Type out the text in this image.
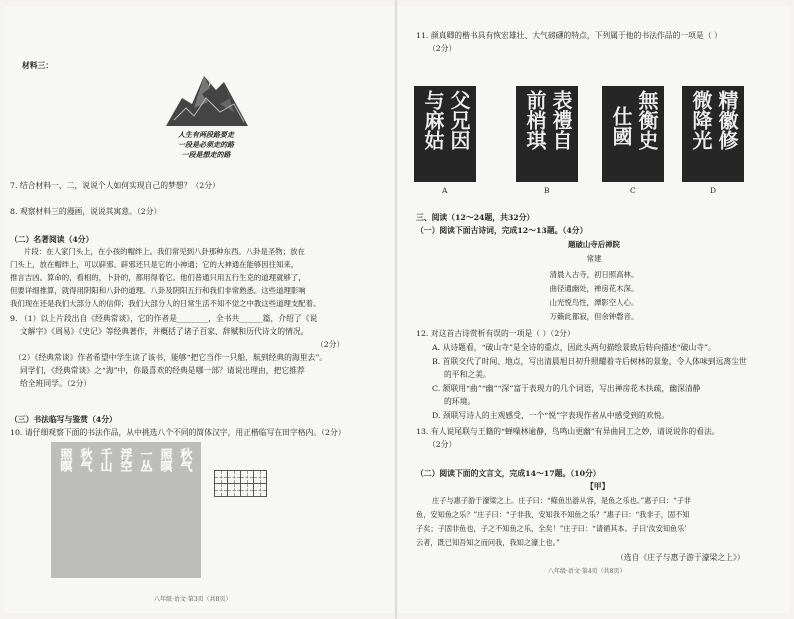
材料三：
人生有两段路要走
一段是必须走的路
一段是想走的路
7. 结合材料一、二，说说个人如何实现自己的梦想？（2分）
8. 观察材料三的漫画，说说其寓意。（2分）
（二）名著阅读（4分）
片段：在人家门头上，在小孩的帽绊上。我们常见到八卦那种东西。八卦是圣物；放在
门头上，放在帽绊上，可以辟邪。辟邪还只是它的小神通；它的大神通在能够因往知来，
推言吉凶。算命的，看相的，卜卦的，都用得着它。他们普通只用五行生克的道理就够了，
但要详细推算，就得用阴阳和八卦的道理。八卦及阴阳五行和我们非常熟悉。这些道理影响
我们现在还是我们大部分人的信仰；我们大部分人的日常生活不知不觉之中教这些道理支配着。
9. （1）以上片段出自《经典常谈》，它的作者是________，全书共______篇，介绍了《说
文解字》《周易》《史记》等经典著作，并概括了诸子百家、辞赋和历代诗文的情况。
（2分）
（2）《经典常谈》作者希望中学生读了该书，能够“把它当作一只船，航到经典的海里去”。
同学们，《经典常谈》之“海”中，你最喜欢的经典是哪一部？请说出理由，把它推荐
给全班同学。（2分）
（三）书法临写与鉴赏（4分）
10. 请仔细观察下面的书法作品，从中挑选八个不同的简体汉字，用正楷临写在田字格内。（2分）
秋气
照暝
一丛
浮空
千山
秋气
照暝
八年级·语文·第3页（共8页）
11. 颜真卿的楷书具有恢宏雄壮、大气磅礴的特点，下列属于他的书法作品的一项是（ ）
（2分）
父兄因
与麻姑
A
表禮自
前梢琪
B
無衡史
仕國
C
精徽修
微降光
D
三、阅读（12～24题，共32分）
（一）阅读下面古诗词，完成12～13题。（4分）
题破山寺后禅院
常建
清晨入古寺，初日照高林。
曲径通幽处，禅房花木深。
山光悦鸟性，潭影空人心。
万籁此都寂，但余钟磬音。
12. 对这首古诗赏析有误的一项是（ ）（2分）
A. 从诗题看，“破山寺”是全诗的重点，因此头两句描绘景致后转向描述“破山寺”。
B. 首联交代了时间、地点，写出清晨旭日初升照耀着寺后树林的景象，令人体味到远离尘世
的平和之美。
C. 颔联用“曲”“幽”“深”富于表现力的几个词语，写出禅房花木扶疏，幽深清静
的环境。
D. 颈联写诗人的主观感受，一个“悦”字表现作者从中感受到的欢悦。
13. 有人说尾联与王籍的“蝉噪林逾静，鸟鸣山更幽”有异曲同工之妙，请说说你的看法。
（2分）
（二）阅读下面的文言文，完成14～17题。（10分）
【甲】
庄子与惠子游于濠梁之上。庄子曰：“鲦鱼出游从容，是鱼之乐也。”惠子曰：“子非
鱼，安知鱼之乐？”庄子曰：“子非我，安知我不知鱼之乐？”惠子曰：“我非子，固不知
子矣；子固非鱼也，子之不知鱼之乐，全矣！”庄子曰：“请循其本。子曰‘汝安知鱼乐’
云者，既已知吾知之而问我，我知之濠上也。”
（选自《庄子与惠子游于濠梁之上》）
八年级·语文·第4页（共8页）
